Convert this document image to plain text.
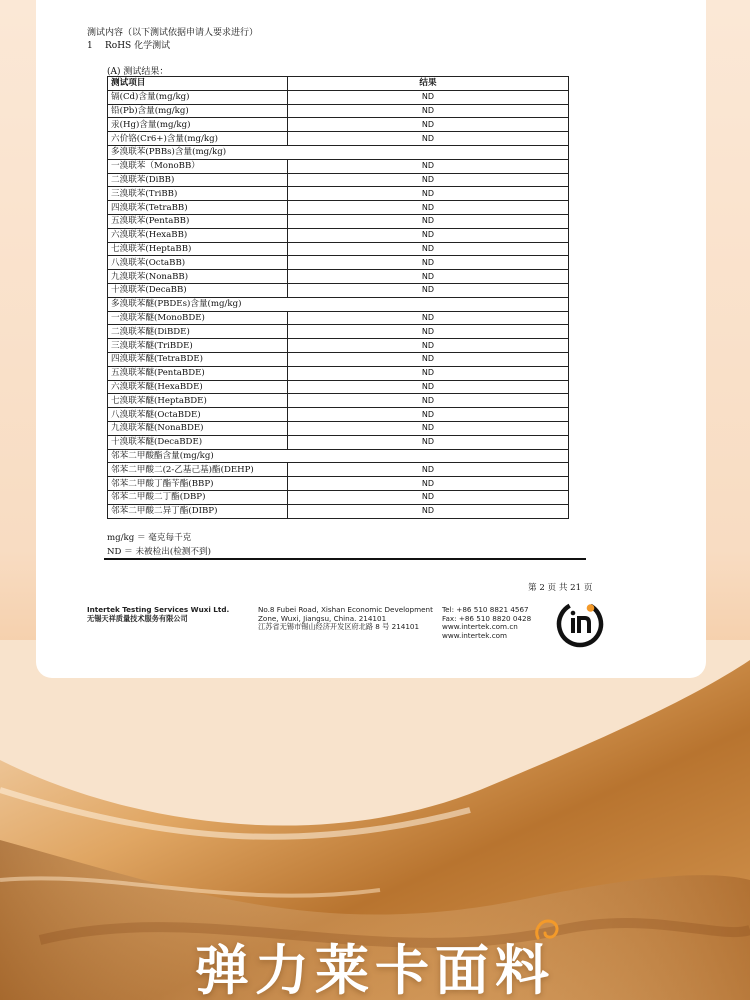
测试内容（以下测试依据申请人要求进行）
1 RoHS 化学测试
(A) 测试结果：
测试项目	结果
镉(Cd)含量(mg/kg)	ND
铅(Pb)含量(mg/kg)	ND
汞(Hg)含量(mg/kg)	ND
六价铬(Cr6+)含量(mg/kg)	ND
多溴联苯(PBBs)含量(mg/kg)	
一溴联苯（MonoBB）	ND
二溴联苯(DiBB)	ND
三溴联苯(TriBB)	ND
四溴联苯(TetraBB)	ND
五溴联苯(PentaBB)	ND
六溴联苯(HexaBB)	ND
七溴联苯(HeptaBB)	ND
八溴联苯(OctaBB)	ND
九溴联苯(NonaBB)	ND
十溴联苯(DecaBB)	ND
多溴联苯醚(PBDEs)含量(mg/kg)	
一溴联苯醚(MonoBDE)	ND
二溴联苯醚(DiBDE)	ND
三溴联苯醚(TriBDE)	ND
四溴联苯醚(TetraBDE)	ND
五溴联苯醚(PentaBDE)	ND
六溴联苯醚(HexaBDE)	ND
七溴联苯醚(HeptaBDE)	ND
八溴联苯醚(OctaBDE)	ND
九溴联苯醚(NonaBDE)	ND
十溴联苯醚(DecaBDE)	ND
邻苯二甲酸酯含量(mg/kg)	
邻苯二甲酸二(2-乙基己基)酯(DEHP)	ND
邻苯二甲酸丁酯苄酯(BBP)	ND
邻苯二甲酸二丁酯(DBP)	ND
邻苯二甲酸二异丁酯(DIBP)	ND
mg/kg ＝ 毫克每千克
ND ＝ 未被检出(检测不到)
第 2 页 共 21 页
Intertek Testing Services Wuxi Ltd.
无锡天祥质量技术服务有限公司
No.8 Fubei Road, Xishan Economic Development
Zone, Wuxi, Jiangsu, China. 214101
江苏省无锡市锡山经济开发区府北路 8 号 214101
Tel: +86 510 8821 4567
Fax: +86 510 8820 0428
www.intertek.com.cn
www.intertek.com
弹力莱卡面料
